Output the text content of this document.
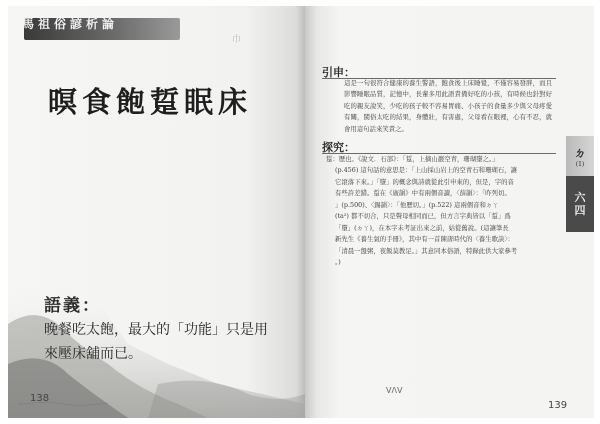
馬祖俗諺析論
巾
暝食飽踅眠床
語義：
晚餐吃太飽，最大的「功能」只是用來壓床舖而已。
138
引申：
這是一句很符合健康的養生警語，飽食後上床睡覺，不僅容易發胖，而且影響睡眠品質，記憶中，長輩多用此語責備好吃的小孩，有時候也針對好吃的親友說笑，少吃的孩子較不容易胃痛、小孩子的食量多少與父母疼愛有關，閩俗太吃的結果，身體壯，有害處，父母看在眼裡，心有不忍，就會用這句話來笑責之。
探究：
踅：歷也。《說文．石部》：「踅，上摘山巖空青，珊瑚墮之。」
(p.456) 這句話的意思是：「上山採山岩上的空青石和珊瑚石，讓
它滾落下來。」「墮」的概念與詩就從此引申來的，但是，字的音
有些許差錯。踅在《廣韻》中有兩個音讀，〈薛韻〉：「昨列切。
」(p.500)、〈錫韻〉：「他歷切。」(p.522) 這兩個音和ㄉㄚ
(ta²) 都不切合，只是聲母相同而已，但方言字典皆以「踅」爲
「墮」(ㄉㄚ)，在本字未考証出來之前，姑從舊說。(這讓筆長
新先生《養生氣的手冊》，其中有一首陳唐時代的〈養生歌訣〉：
「清晨一盤粥，夜飯莫教足。」其意同本俗語，特錄此供大家參考
。)
ㄉ
(1)
六四
ᐯᐱᐯ
139
